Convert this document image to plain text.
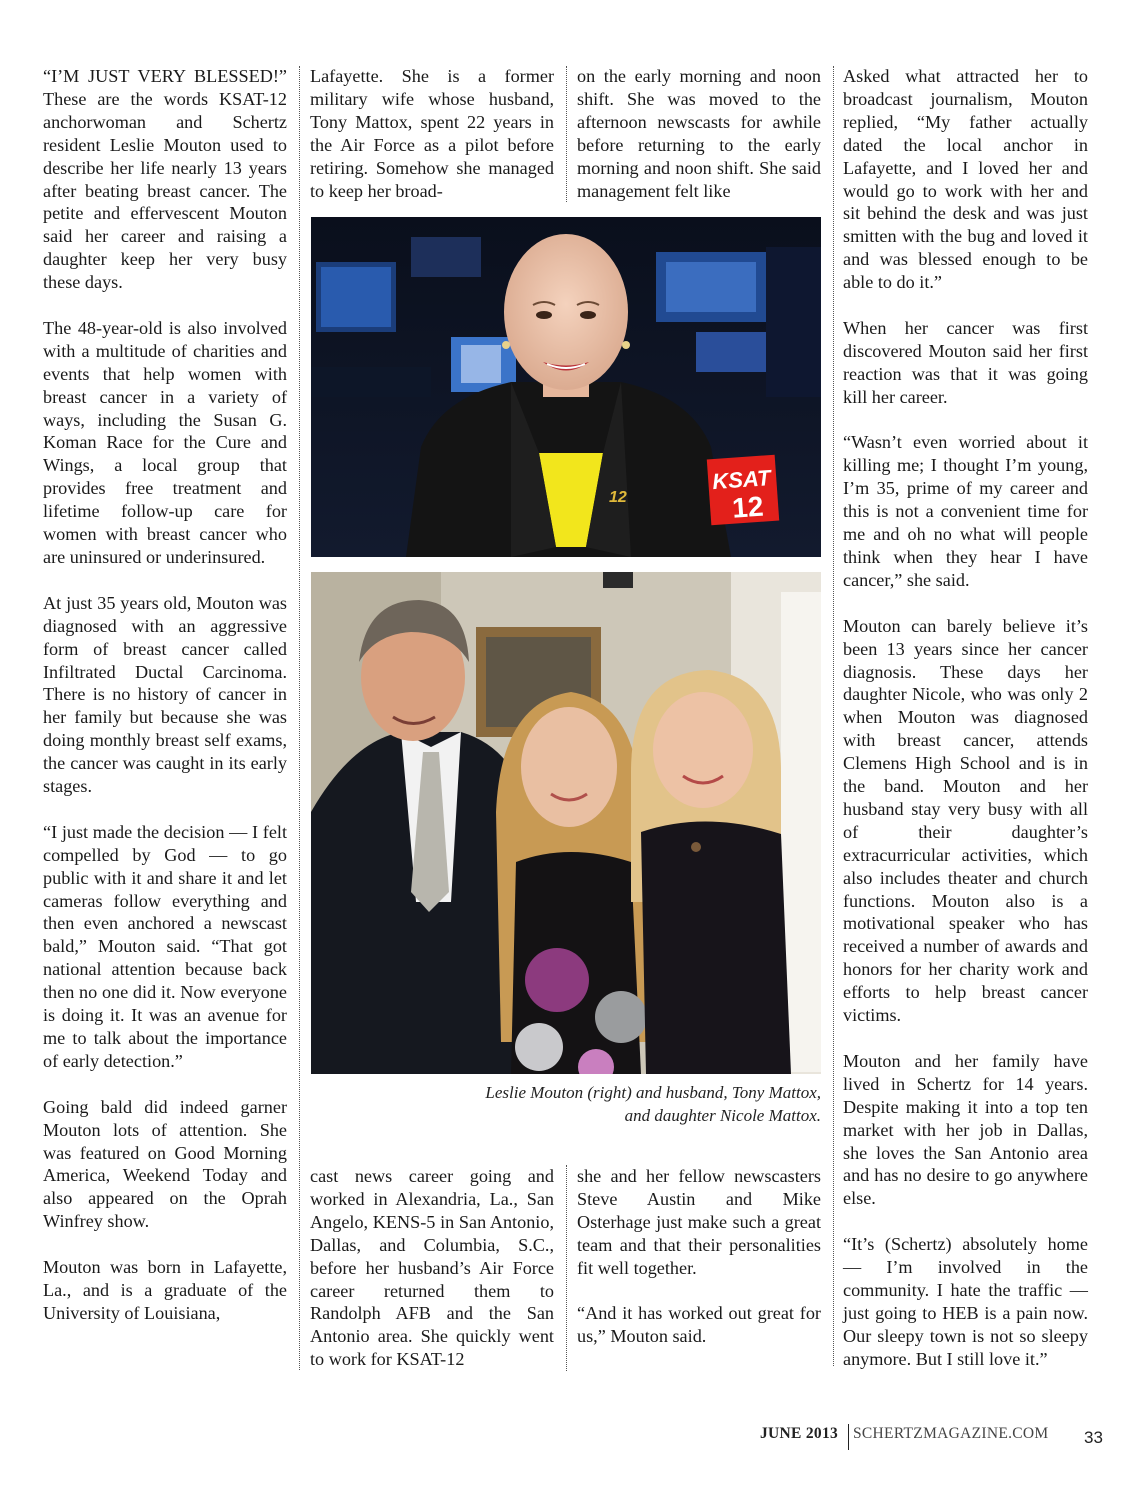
“I’M JUST VERY BLESSED!” These are the words KSAT-12 anchorwoman and Schertz resident Leslie Mouton used to describe her life nearly 13 years after beating breast cancer. The petite and effervescent Mouton said her career and raising a daughter keep her very busy these days.

The 48-year-old is also involved with a multitude of charities and events that help women with breast cancer in a variety of ways, including the Susan G. Koman Race for the Cure and Wings, a local group that provides free treatment and lifetime follow-up care for women with breast cancer who are uninsured or underinsured.

At just 35 years old, Mouton was diagnosed with an aggressive form of breast cancer called Infiltrated Ductal Carcinoma. There is no history of cancer in her family but because she was doing monthly breast self exams, the cancer was caught in its early stages.

“I just made the decision — I felt compelled by God — to go public with it and share it and let cameras follow everything and then even anchored a newscast bald,” Mouton said. “That got national attention because back then no one did it. Now everyone is doing it. It was an avenue for me to talk about the importance of early detection.”

Going bald did indeed garner Mouton lots of attention. She was featured on Good Morning America, Weekend Today and also appeared on the Oprah Winfrey show.

Mouton was born in Lafayette, La., and is a graduate of the University of Louisiana,

Lafayette. She is a former military wife whose husband, Tony Mattox, spent 22 years in the Air Force as a pilot before retiring. Somehow she managed to keep her broad-

on the early morning and noon shift. She was moved to the afternoon newscasts for awhile before returning to the early morning and noon shift. She said management felt like

Asked what attracted her to broadcast journalism, Mouton replied, “My father actually dated the local anchor in Lafayette, and I loved her and would go to work with her and sit behind the desk and was just smitten with the bug and loved it and was blessed enough to be able to do it.”

When her cancer was first discovered Mouton said her first reaction was that it was going kill her career.

“Wasn’t even worried about it killing me; I thought I’m young, I’m 35, prime of my career and this is not a convenient time for me and oh no what will people think when they hear I have cancer,” she said.

Mouton can barely believe it’s been 13 years since her cancer diagnosis. These days her daughter Nicole, who was only 2 when Mouton was diagnosed with breast cancer, attends Clemens High School and is in the band. Mouton and her husband stay very busy with all of their daughter’s extracurricular activities, which also includes theater and church functions. Mouton also is a motivational speaker who has received a number of awards and honors for her charity work and efforts to help breast cancer victims.

Mouton and her family have lived in Schertz for 14 years. Despite making it into a top ten market with her job in Dallas, she loves the San Antonio area and has no desire to go anywhere else.

“It’s (Schertz) absolutely home — I’m involved in the community. I hate the traffic — just going to HEB is a pain now. Our sleepy town is not so sleepy anymore. But I still love it.”

cast news career going and worked in Alexandria, La., San Angelo, KENS-5 in San Antonio, Dallas, and Columbia, S.C., before her husband’s Air Force career returned them to Randolph AFB and the San Antonio area. She quickly went to work for KSAT-12

she and her fellow newscasters Steve Austin and Mike Osterhage just make such a great team and that their personalities fit well together.

“And it has worked out great for us,” Mouton said.

12
KSAT
12
Leslie Mouton (right) and husband, Tony Mattox,
and daughter Nicole Mattox.
JUNE 2013 SCHERTZMAGAZINE.COM 33
